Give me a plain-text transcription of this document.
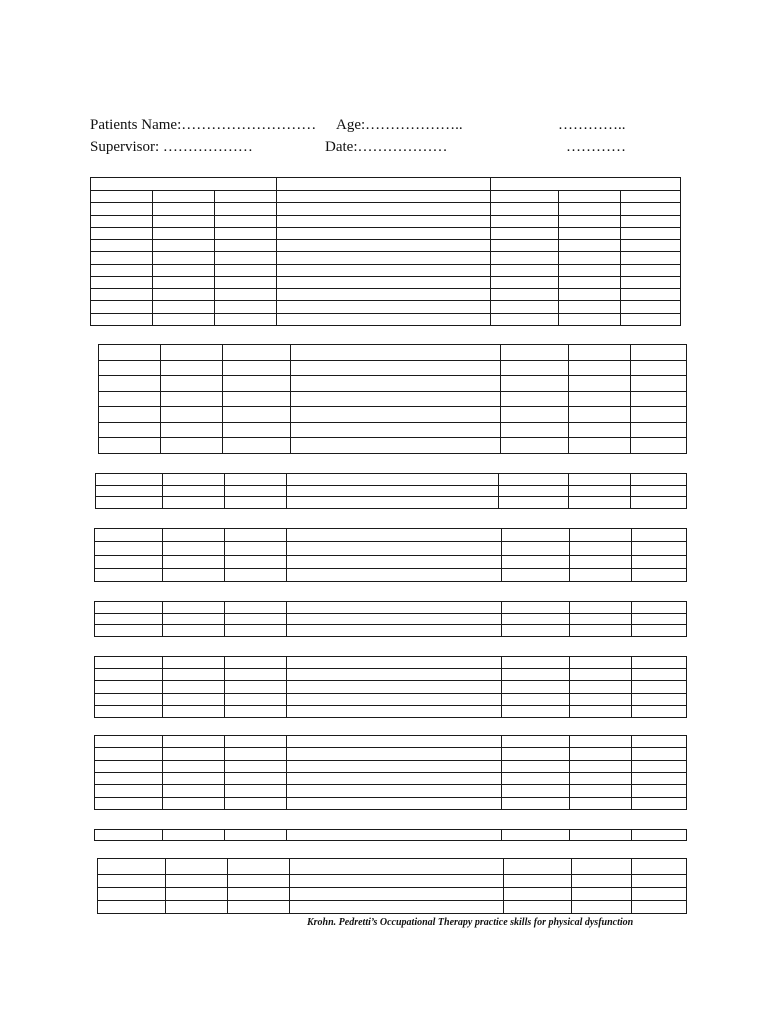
Patients Name:……………………… Age:………………..	…………..
Supervisor: ………………	Date:………………	…………

Krohn. Pedretti’s Occupational Therapy practice skills for physical dysfunction
